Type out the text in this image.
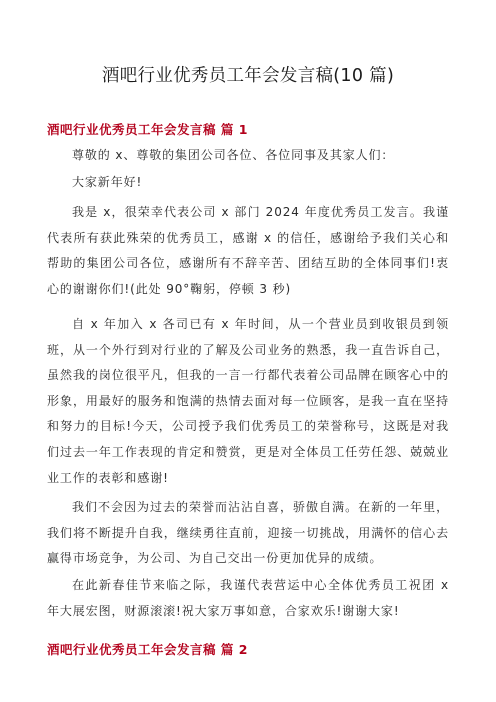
酒吧行业优秀员工年会发言稿(10 篇)
酒吧行业优秀员工年会发言稿 篇 1
尊敬的 x、尊敬的集团公司各位、各位同事及其家人们：
大家新年好!
我是 x，很荣幸代表公司 x 部门 2024 年度优秀员工发言。我谨代表所有获此殊荣的优秀员工，感谢 x 的信任，感谢给予我们关心和帮助的集团公司各位，感谢所有不辞辛苦、团结互助的全体同事们!衷心的谢谢你们!(此处 90°鞠躬，停顿 3 秒)
自 x 年加入 x 各司已有 x 年时间，从一个营业员到收银员到领班，从一个外行到对行业的了解及公司业务的熟悉，我一直告诉自己，虽然我的岗位很平凡，但我的一言一行都代表着公司品牌在顾客心中的形象，用最好的服务和饱满的热情去面对每一位顾客，是我一直在坚持和努力的目标!今天，公司授予我们优秀员工的荣誉称号，这既是对我们过去一年工作表现的肯定和赞赏，更是对全体员工任劳任怨、兢兢业业工作的表彰和感谢!
我们不会因为过去的荣誉而沾沾自喜，骄傲自满。在新的一年里，我们将不断提升自我，继续勇往直前，迎接一切挑战，用满怀的信心去赢得市场竞争，为公司、为自己交出一份更加优异的成绩。
在此新春佳节来临之际，我谨代表营运中心全体优秀员工祝团 x 年大展宏图，财源滚滚!祝大家万事如意，合家欢乐!谢谢大家!
酒吧行业优秀员工年会发言稿 篇 2
